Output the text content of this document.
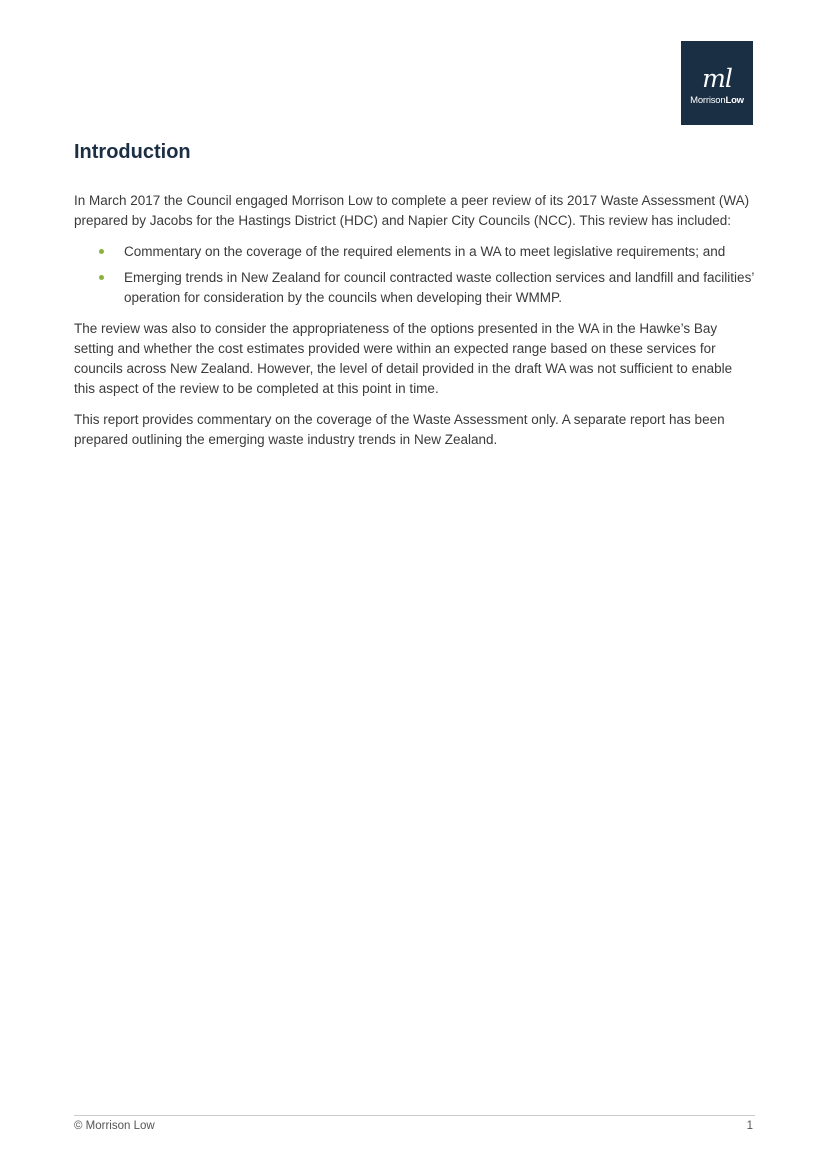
ml
MorrisonLow
Introduction

In March 2017 the Council engaged Morrison Low to complete a peer review of its 2017 Waste Assessment (WA) prepared by Jacobs for the Hastings District (HDC) and Napier City Councils (NCC). This review has included:

Commentary on the coverage of the required elements in a WA to meet legislative requirements; and
Emerging trends in New Zealand for council contracted waste collection services and landfill and facilities’ operation for consideration by the councils when developing their WMMP.

The review was also to consider the appropriateness of the options presented in the WA in the Hawke’s Bay setting and whether the cost estimates provided were within an expected range based on these services for councils across New Zealand. However, the level of detail provided in the draft WA was not sufficient to enable this aspect of the review to be completed at this point in time.

This report provides commentary on the coverage of the Waste Assessment only. A separate report has been prepared outlining the emerging waste industry trends in New Zealand.

© Morrison Low	1
